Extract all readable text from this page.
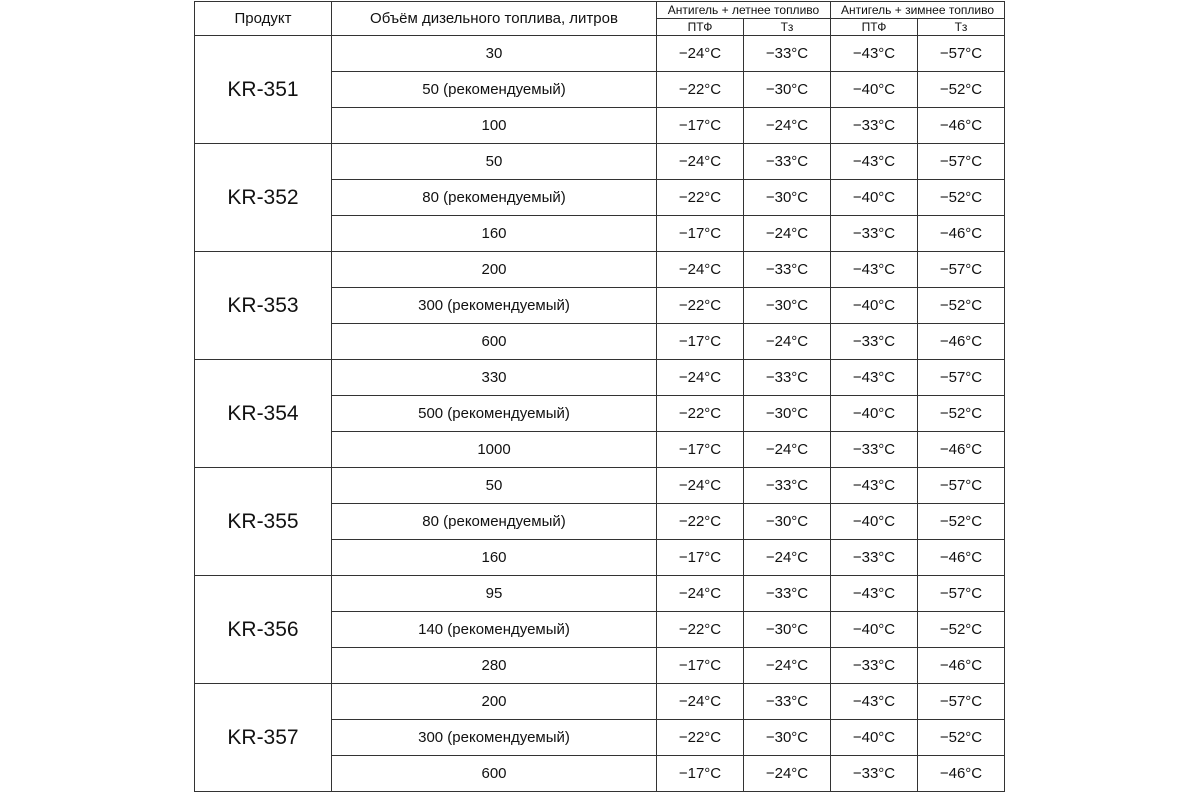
Продукт	Объём дизельного топлива, литров	Антигель + летнее топливо		Антигель + зимнее топливо	
		ПТФ	Тз	ПТФ	Тз
KR-351	30	−24°C	−33°C	−43°C	−57°C
	50 (рекомендуемый)	−22°C	−30°C	−40°C	−52°C
	100	−17°C	−24°C	−33°C	−46°C
KR-352	50	−24°C	−33°C	−43°C	−57°C
	80 (рекомендуемый)	−22°C	−30°C	−40°C	−52°C
	160	−17°C	−24°C	−33°C	−46°C
KR-353	200	−24°C	−33°C	−43°C	−57°C
	300 (рекомендуемый)	−22°C	−30°C	−40°C	−52°C
	600	−17°C	−24°C	−33°C	−46°C
KR-354	330	−24°C	−33°C	−43°C	−57°C
	500 (рекомендуемый)	−22°C	−30°C	−40°C	−52°C
	1000	−17°C	−24°C	−33°C	−46°C
KR-355	50	−24°C	−33°C	−43°C	−57°C
	80 (рекомендуемый)	−22°C	−30°C	−40°C	−52°C
	160	−17°C	−24°C	−33°C	−46°C
KR-356	95	−24°C	−33°C	−43°C	−57°C
	140 (рекомендуемый)	−22°C	−30°C	−40°C	−52°C
	280	−17°C	−24°C	−33°C	−46°C
KR-357	200	−24°C	−33°C	−43°C	−57°C
	300 (рекомендуемый)	−22°C	−30°C	−40°C	−52°C
	600	−17°C	−24°C	−33°C	−46°C
